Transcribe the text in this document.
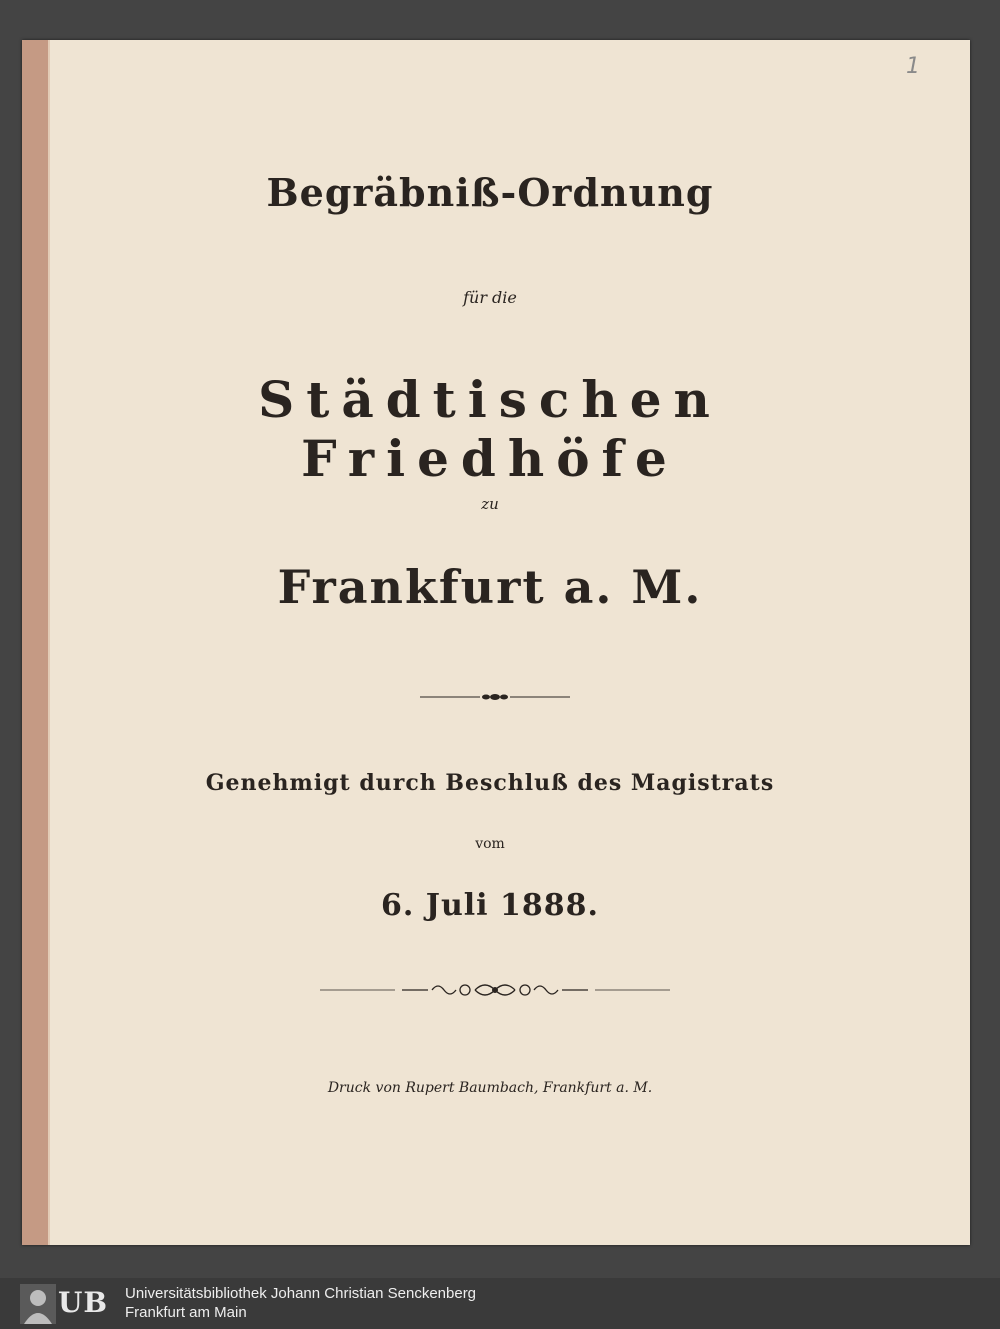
1
Begräbniß-Ordnung
für die
Städtischen Friedhöfe
zu
Frankfurt a. M.
Genehmigt durch Beschluß des Magistrats
vom
6. Juli 1888.
Druck von Rupert Baumbach, Frankfurt a. M.
UB Universitätsbibliothek Johann Christian Senckenberg
Frankfurt am Main
